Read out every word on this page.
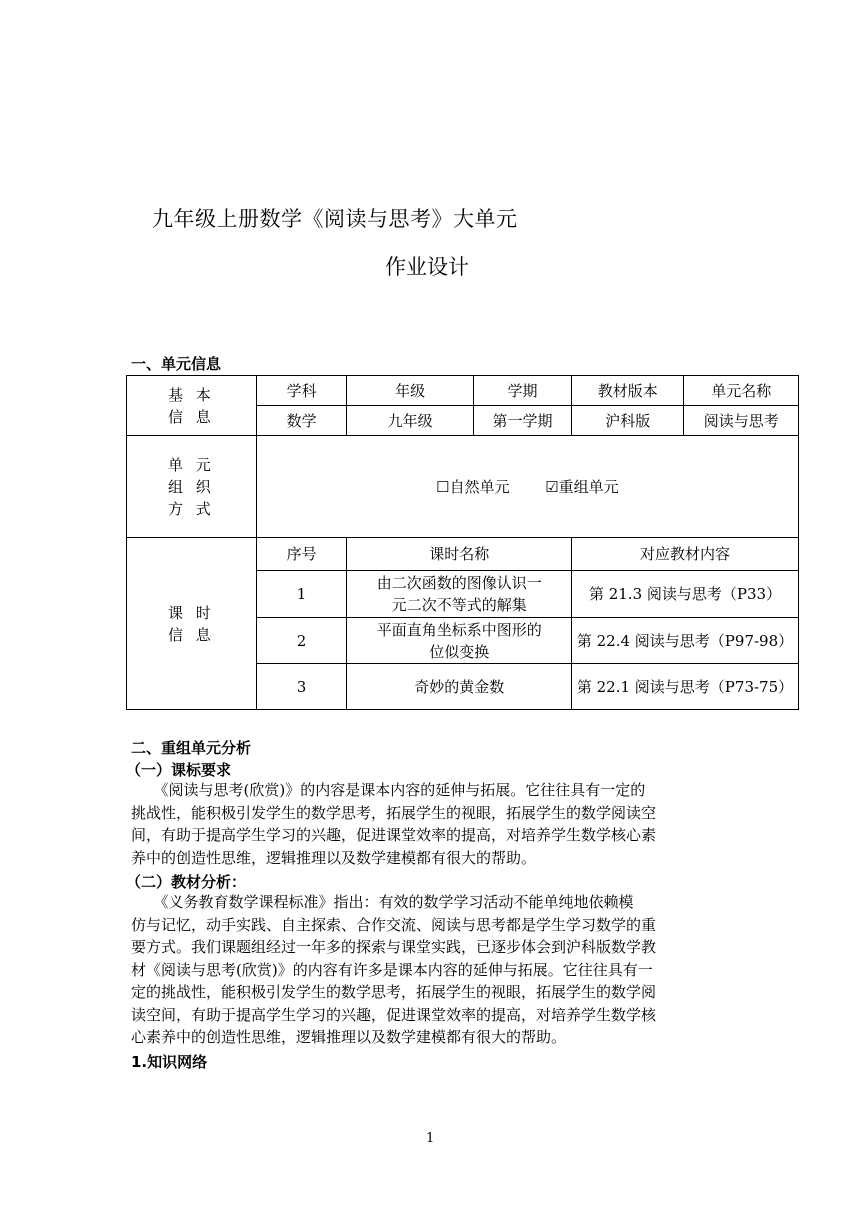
九年级上册数学《阅读与思考》大单元
作业设计
一、单元信息
基 本
信 息	学科	年级	学期	教材版本	单元名称
	数学	九年级	第一学期	沪科版	阅读与思考

单 元
组 织
方 式	☐自然单元 ☑重组单元				

课 时
信 息	序号	课时名称		对应教材内容	
	1	由二次函数的图像认识一
元二次不等式的解集		第 21.3 阅读与思考（P33）	
	2	平面直角坐标系中图形的
位似变换		第 22.4 阅读与思考（P97-98）	
	3	奇妙的黄金数		第 22.1 阅读与思考（P73-75）	
二、重组单元分析
（一）课标要求

　　《阅读与思考(欣赏)》的内容是课本内容的延伸与拓展。它往往具有一定的

挑战性，能积极引发学生的数学思考，拓展学生的视眼，拓展学生的数学阅读空

间，有助于提高学生学习的兴趣，促进课堂效率的提高，对培养学生数学核心素

养中的创造性思维，逻辑推理以及数学建模都有很大的帮助。

（二）教材分析：

　　《义务教育数学课程标准》指出：有效的数学学习活动不能单纯地依赖模

仿与记忆，动手实践、自主探索、合作交流、阅读与思考都是学生学习数学的重

要方式。我们课题组经过一年多的探索与课堂实践，已逐步体会到沪科版数学教

材《阅读与思考(欣赏)》的内容有许多是课本内容的延伸与拓展。它往往具有一

定的挑战性，能积极引发学生的数学思考，拓展学生的视眼，拓展学生的数学阅

读空间，有助于提高学生学习的兴趣，促进课堂效率的提高，对培养学生数学核

心素养中的创造性思维，逻辑推理以及数学建模都有很大的帮助。

1.知识网络
1
